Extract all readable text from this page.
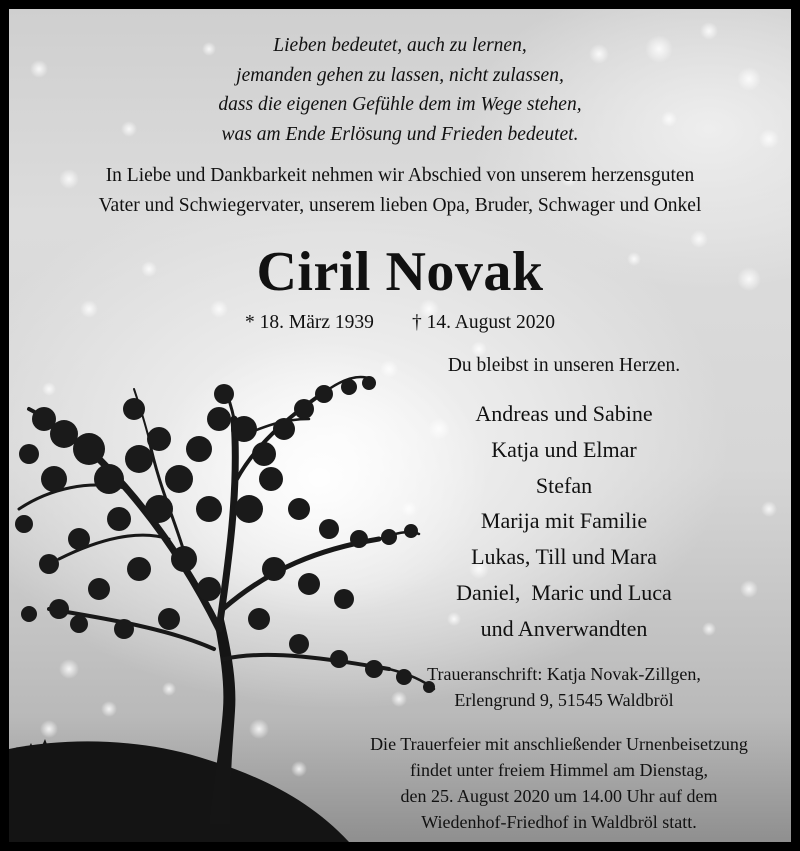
Lieben bedeutet, auch zu lernen,
jemanden gehen zu lassen, nicht zulassen,
dass die eigenen Gefühle dem im Wege stehen,
was am Ende Erlösung und Frieden bedeutet.
In Liebe und Dankbarkeit nehmen wir Abschied von unserem herzensguten
Vater und Schwiegervater, unserem lieben Opa, Bruder, Schwager und Onkel
Ciril Novak
* 18. März 1939 † 14. August 2020
Du bleibst in unseren Herzen.
Andreas und Sabine
Katja und Elmar
Stefan
Marija mit Familie
Lukas, Till und Mara
Daniel,  Maric und Luca
und Anverwandten
Traueranschrift: Katja Novak-Zillgen,
Erlengrund 9, 51545 Waldbröl
Die Trauerfeier mit anschließender Urnenbeisetzung
findet unter freiem Himmel am Dienstag,
den 25. August 2020 um 14.00 Uhr auf dem
Wiedenhof-Friedhof in Waldbröl statt.
